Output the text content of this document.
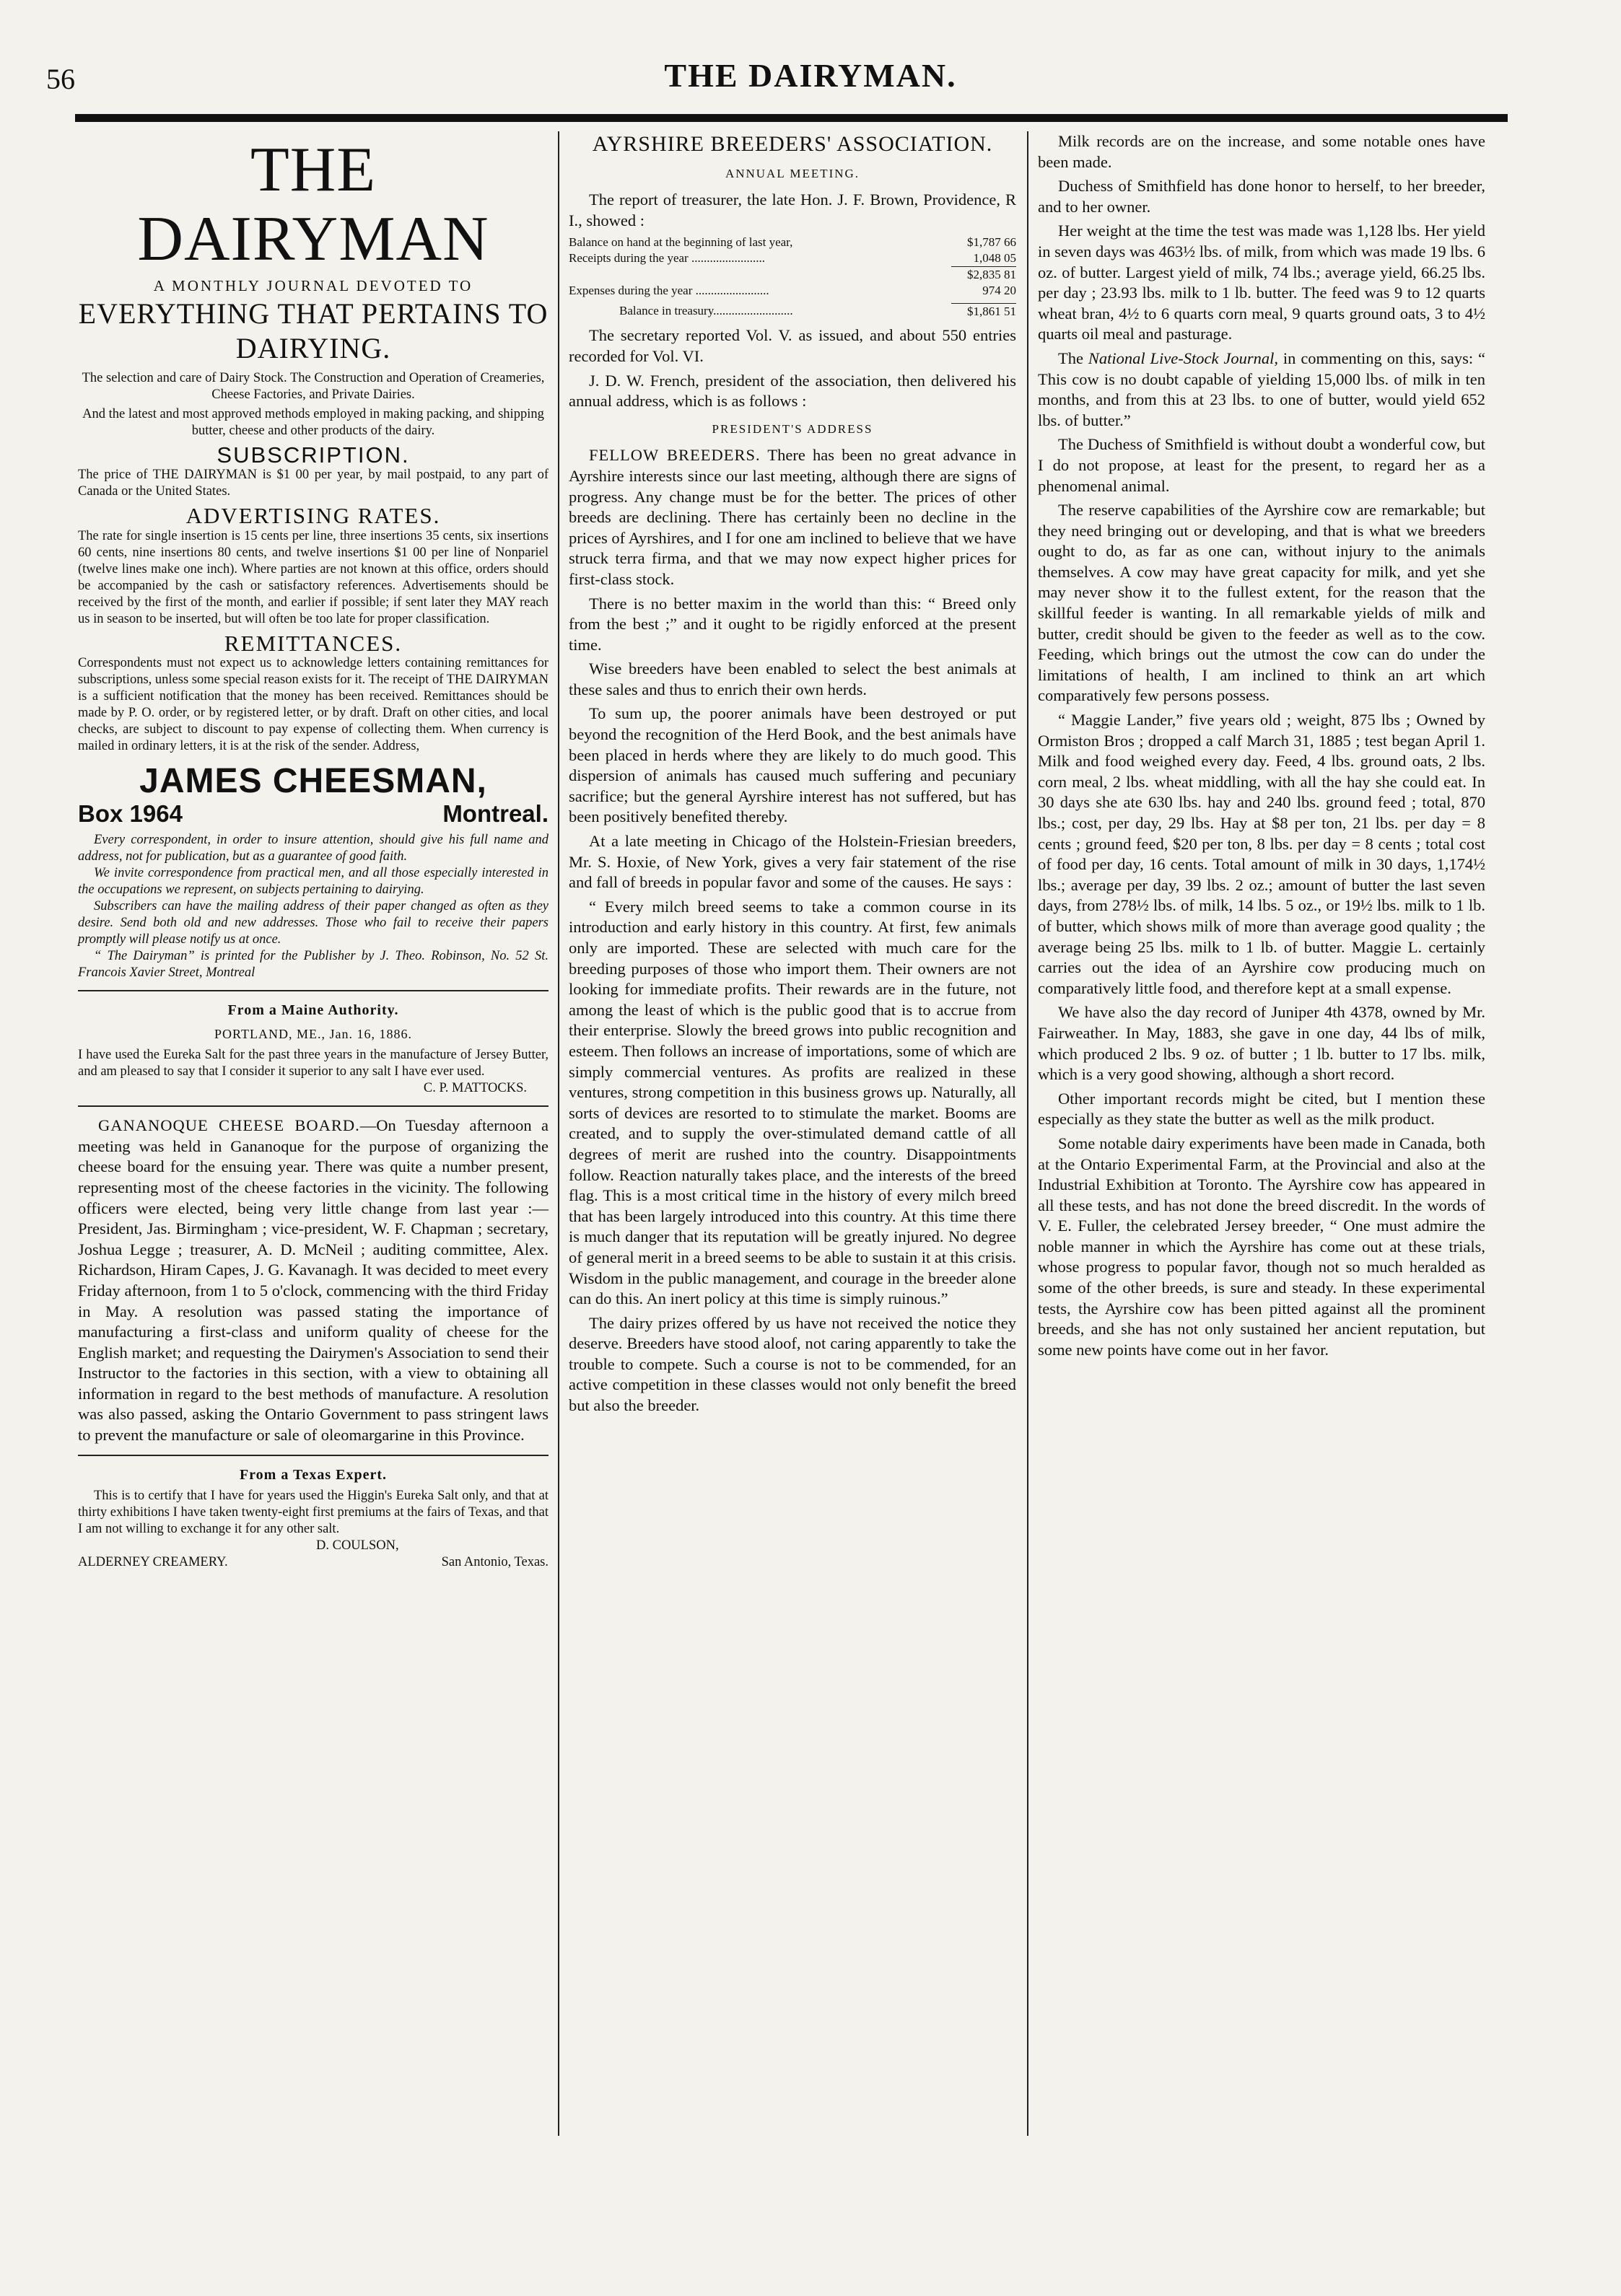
56	THE DAIRYMAN.
THE DAIRYMAN
A MONTHLY JOURNAL DEVOTED TO
EVERYTHING THAT PERTAINS TO DAIRYING.

The selection and care of Dairy Stock. The Construction and Operation of Creameries, Cheese Factories, and Private Dairies.

And the latest and most approved methods employed in making packing, and shipping butter, cheese and other products of the dairy.

SUBSCRIPTION.

The price of THE DAIRYMAN is $1 00 per year, by mail postpaid, to any part of Canada or the United States.

ADVERTISING RATES.

The rate for single insertion is 15 cents per line, three insertions 35 cents, six insertions 60 cents, nine insertions 80 cents, and twelve insertions $1 00 per line of Nonpariel (twelve lines make one inch). Where parties are not known at this office, orders should be accompanied by the cash or satisfactory references. Advertisements should be received by the first of the month, and earlier if possible; if sent later they MAY reach us in season to be inserted, but will often be too late for proper classification.

REMITTANCES.

Correspondents must not expect us to acknowledge letters containing remittances for subscriptions, unless some special reason exists for it. The receipt of THE DAIRYMAN is a sufficient notification that the money has been received. Remittances should be made by P. O. order, or by registered letter, or by draft. Draft on other cities, and local checks, are subject to discount to pay expense of collecting them. When currency is mailed in ordinary letters, it is at the risk of the sender. Address,

JAMES CHEESMAN,
Box 1964	Montreal.

Every correspondent, in order to insure attention, should give his full name and address, not for publication, but as a guarantee of good faith.

We invite correspondence from practical men, and all those especially interested in the occupations we represent, on subjects pertaining to dairying.

Subscribers can have the mailing address of their paper changed as often as they desire. Send both old and new addresses. Those who fail to receive their papers promptly will please notify us at once.

“ The Dairyman” is printed for the Publisher by J. Theo. Robinson, No. 52 St. Francois Xavier Street, Montreal

From a Maine Authority.
PORTLAND, ME., Jan. 16, 1886.

I have used the Eureka Salt for the past three years in the manufacture of Jersey Butter, and am pleased to say that I consider it superior to any salt I have ever used.

C. P. MATTOCKS.

GANANOQUE CHEESE BOARD.—On Tuesday afternoon a meeting was held in Gananoque for the purpose of organizing the cheese board for the ensuing year. There was quite a number present, representing most of the cheese factories in the vicinity. The following officers were elected, being very little change from last year :—President, Jas. Birmingham ; vice-president, W. F. Chapman ; secretary, Joshua Legge ; treasurer, A. D. McNeil ; auditing committee, Alex. Richardson, Hiram Capes, J. G. Kavanagh. It was decided to meet every Friday afternoon, from 1 to 5 o'clock, commencing with the third Friday in May. A resolution was passed stating the importance of manufacturing a first-class and uniform quality of cheese for the English market; and requesting the Dairymen's Association to send their Instructor to the factories in this section, with a view to obtaining all information in regard to the best methods of manufacture. A resolution was also passed, asking the Ontario Government to pass stringent laws to prevent the manufacture or sale of oleomargarine in this Province.

From a Texas Expert.

This is to certify that I have for years used the Higgin's Eureka Salt only, and that at thirty exhibitions I have taken twenty-eight first premiums at the fairs of Texas, and that I am not willing to exchange it for any other salt.

D. COULSON,

ALDERNEY CREAMERY.	San Antonio, Texas.
AYRSHIRE BREEDERS' ASSOCIATION.
ANNUAL MEETING.

The report of treasurer, the late Hon. J. F. Brown, Providence, R I., showed :

Balance on hand at the beginning of last year,	$1,787 66
Receipts during the year ........................	1,048 05
$2,835 81
Expenses during the year ........................	974 20
Balance in treasury..........................	$1,861 51

The secretary reported Vol. V. as issued, and about 550 entries recorded for Vol. VI.

J. D. W. French, president of the association, then delivered his annual address, which is as follows :

PRESIDENT'S ADDRESS

FELLOW BREEDERS. There has been no great advance in Ayrshire interests since our last meeting, although there are signs of progress. Any change must be for the better. The prices of other breeds are declining. There has certainly been no decline in the prices of Ayrshires, and I for one am inclined to believe that we have struck terra firma, and that we may now expect higher prices for first-class stock.

There is no better maxim in the world than this: “ Breed only from the best ;” and it ought to be rigidly enforced at the present time.

Wise breeders have been enabled to select the best animals at these sales and thus to enrich their own herds.

To sum up, the poorer animals have been destroyed or put beyond the recognition of the Herd Book, and the best animals have been placed in herds where they are likely to do much good. This dispersion of animals has caused much suffering and pecuniary sacrifice; but the general Ayrshire interest has not suffered, but has been positively benefited thereby.

At a late meeting in Chicago of the Holstein-Friesian breeders, Mr. S. Hoxie, of New York, gives a very fair statement of the rise and fall of breeds in popular favor and some of the causes. He says :

“ Every milch breed seems to take a common course in its introduction and early history in this country. At first, few animals only are imported. These are selected with much care for the breeding purposes of those who import them. Their owners are not looking for immediate profits. Their rewards are in the future, not among the least of which is the public good that is to accrue from their enterprise. Slowly the breed grows into public recognition and esteem. Then follows an increase of importations, some of which are simply commercial ventures. As profits are realized in these ventures, strong competition in this business grows up. Naturally, all sorts of devices are resorted to to stimulate the market. Booms are created, and to supply the over-stimulated demand cattle of all degrees of merit are rushed into the country. Disappointments follow. Reaction naturally takes place, and the interests of the breed flag. This is a most critical time in the history of every milch breed that has been largely introduced into this country. At this time there is much danger that its reputation will be greatly injured. No degree of general merit in a breed seems to be able to sustain it at this crisis. Wisdom in the public management, and courage in the breeder alone can do this. An inert policy at this time is simply ruinous.”

The dairy prizes offered by us have not received the notice they deserve. Breeders have stood aloof, not caring apparently to take the trouble to compete. Such a course is not to be commended, for an active competition in these classes would not only benefit the breed but also the breeder.

Milk records are on the increase, and some notable ones have been made.

Duchess of Smithfield has done honor to herself, to her breeder, and to her owner.

Her weight at the time the test was made was 1,128 lbs. Her yield in seven days was 463½ lbs. of milk, from which was made 19 lbs. 6 oz. of butter. Largest yield of milk, 74 lbs.; average yield, 66.25 lbs. per day ; 23.93 lbs. milk to 1 lb. butter. The feed was 9 to 12 quarts wheat bran, 4½ to 6 quarts corn meal, 9 quarts ground oats, 3 to 4½ quarts oil meal and pasturage.

The National Live-Stock Journal, in commenting on this, says: “ This cow is no doubt capable of yielding 15,000 lbs. of milk in ten months, and from this at 23 lbs. to one of butter, would yield 652 lbs. of butter.”

The Duchess of Smithfield is without doubt a wonderful cow, but I do not propose, at least for the present, to regard her as a phenomenal animal.

The reserve capabilities of the Ayrshire cow are remarkable; but they need bringing out or developing, and that is what we breeders ought to do, as far as one can, without injury to the animals themselves. A cow may have great capacity for milk, and yet she may never show it to the fullest extent, for the reason that the skillful feeder is wanting. In all remarkable yields of milk and butter, credit should be given to the feeder as well as to the cow. Feeding, which brings out the utmost the cow can do under the limitations of health, I am inclined to think an art which comparatively few persons possess.

“ Maggie Lander,” five years old ; weight, 875 lbs ; Owned by Ormiston Bros ; dropped a calf March 31, 1885 ; test began April 1. Milk and food weighed every day. Feed, 4 lbs. ground oats, 2 lbs. corn meal, 2 lbs. wheat middling, with all the hay she could eat. In 30 days she ate 630 lbs. hay and 240 lbs. ground feed ; total, 870 lbs.; cost, per day, 29 lbs. Hay at $8 per ton, 21 lbs. per day = 8 cents ; ground feed, $20 per ton, 8 lbs. per day = 8 cents ; total cost of food per day, 16 cents. Total amount of milk in 30 days, 1,174½ lbs.; average per day, 39 lbs. 2 oz.; amount of butter the last seven days, from 278½ lbs. of milk, 14 lbs. 5 oz., or 19½ lbs. milk to 1 lb. of butter, which shows milk of more than average good quality ; the average being 25 lbs. milk to 1 lb. of butter. Maggie L. certainly carries out the idea of an Ayrshire cow producing much on comparatively little food, and therefore kept at a small expense.

We have also the day record of Juniper 4th 4378, owned by Mr. Fairweather. In May, 1883, she gave in one day, 44 lbs of milk, which produced 2 lbs. 9 oz. of butter ; 1 lb. butter to 17 lbs. milk, which is a very good showing, although a short record.

Other important records might be cited, but I mention these especially as they state the butter as well as the milk product.

Some notable dairy experiments have been made in Canada, both at the Ontario Experimental Farm, at the Provincial and also at the Industrial Exhibition at Toronto. The Ayrshire cow has appeared in all these tests, and has not done the breed discredit. In the words of V. E. Fuller, the celebrated Jersey breeder, “ One must admire the noble manner in which the Ayrshire has come out at these trials, whose progress to popular favor, though not so much heralded as some of the other breeds, is sure and steady. In these experimental tests, the Ayrshire cow has been pitted against all the prominent breeds, and she has not only sustained her ancient reputation, but some new points have come out in her favor.
